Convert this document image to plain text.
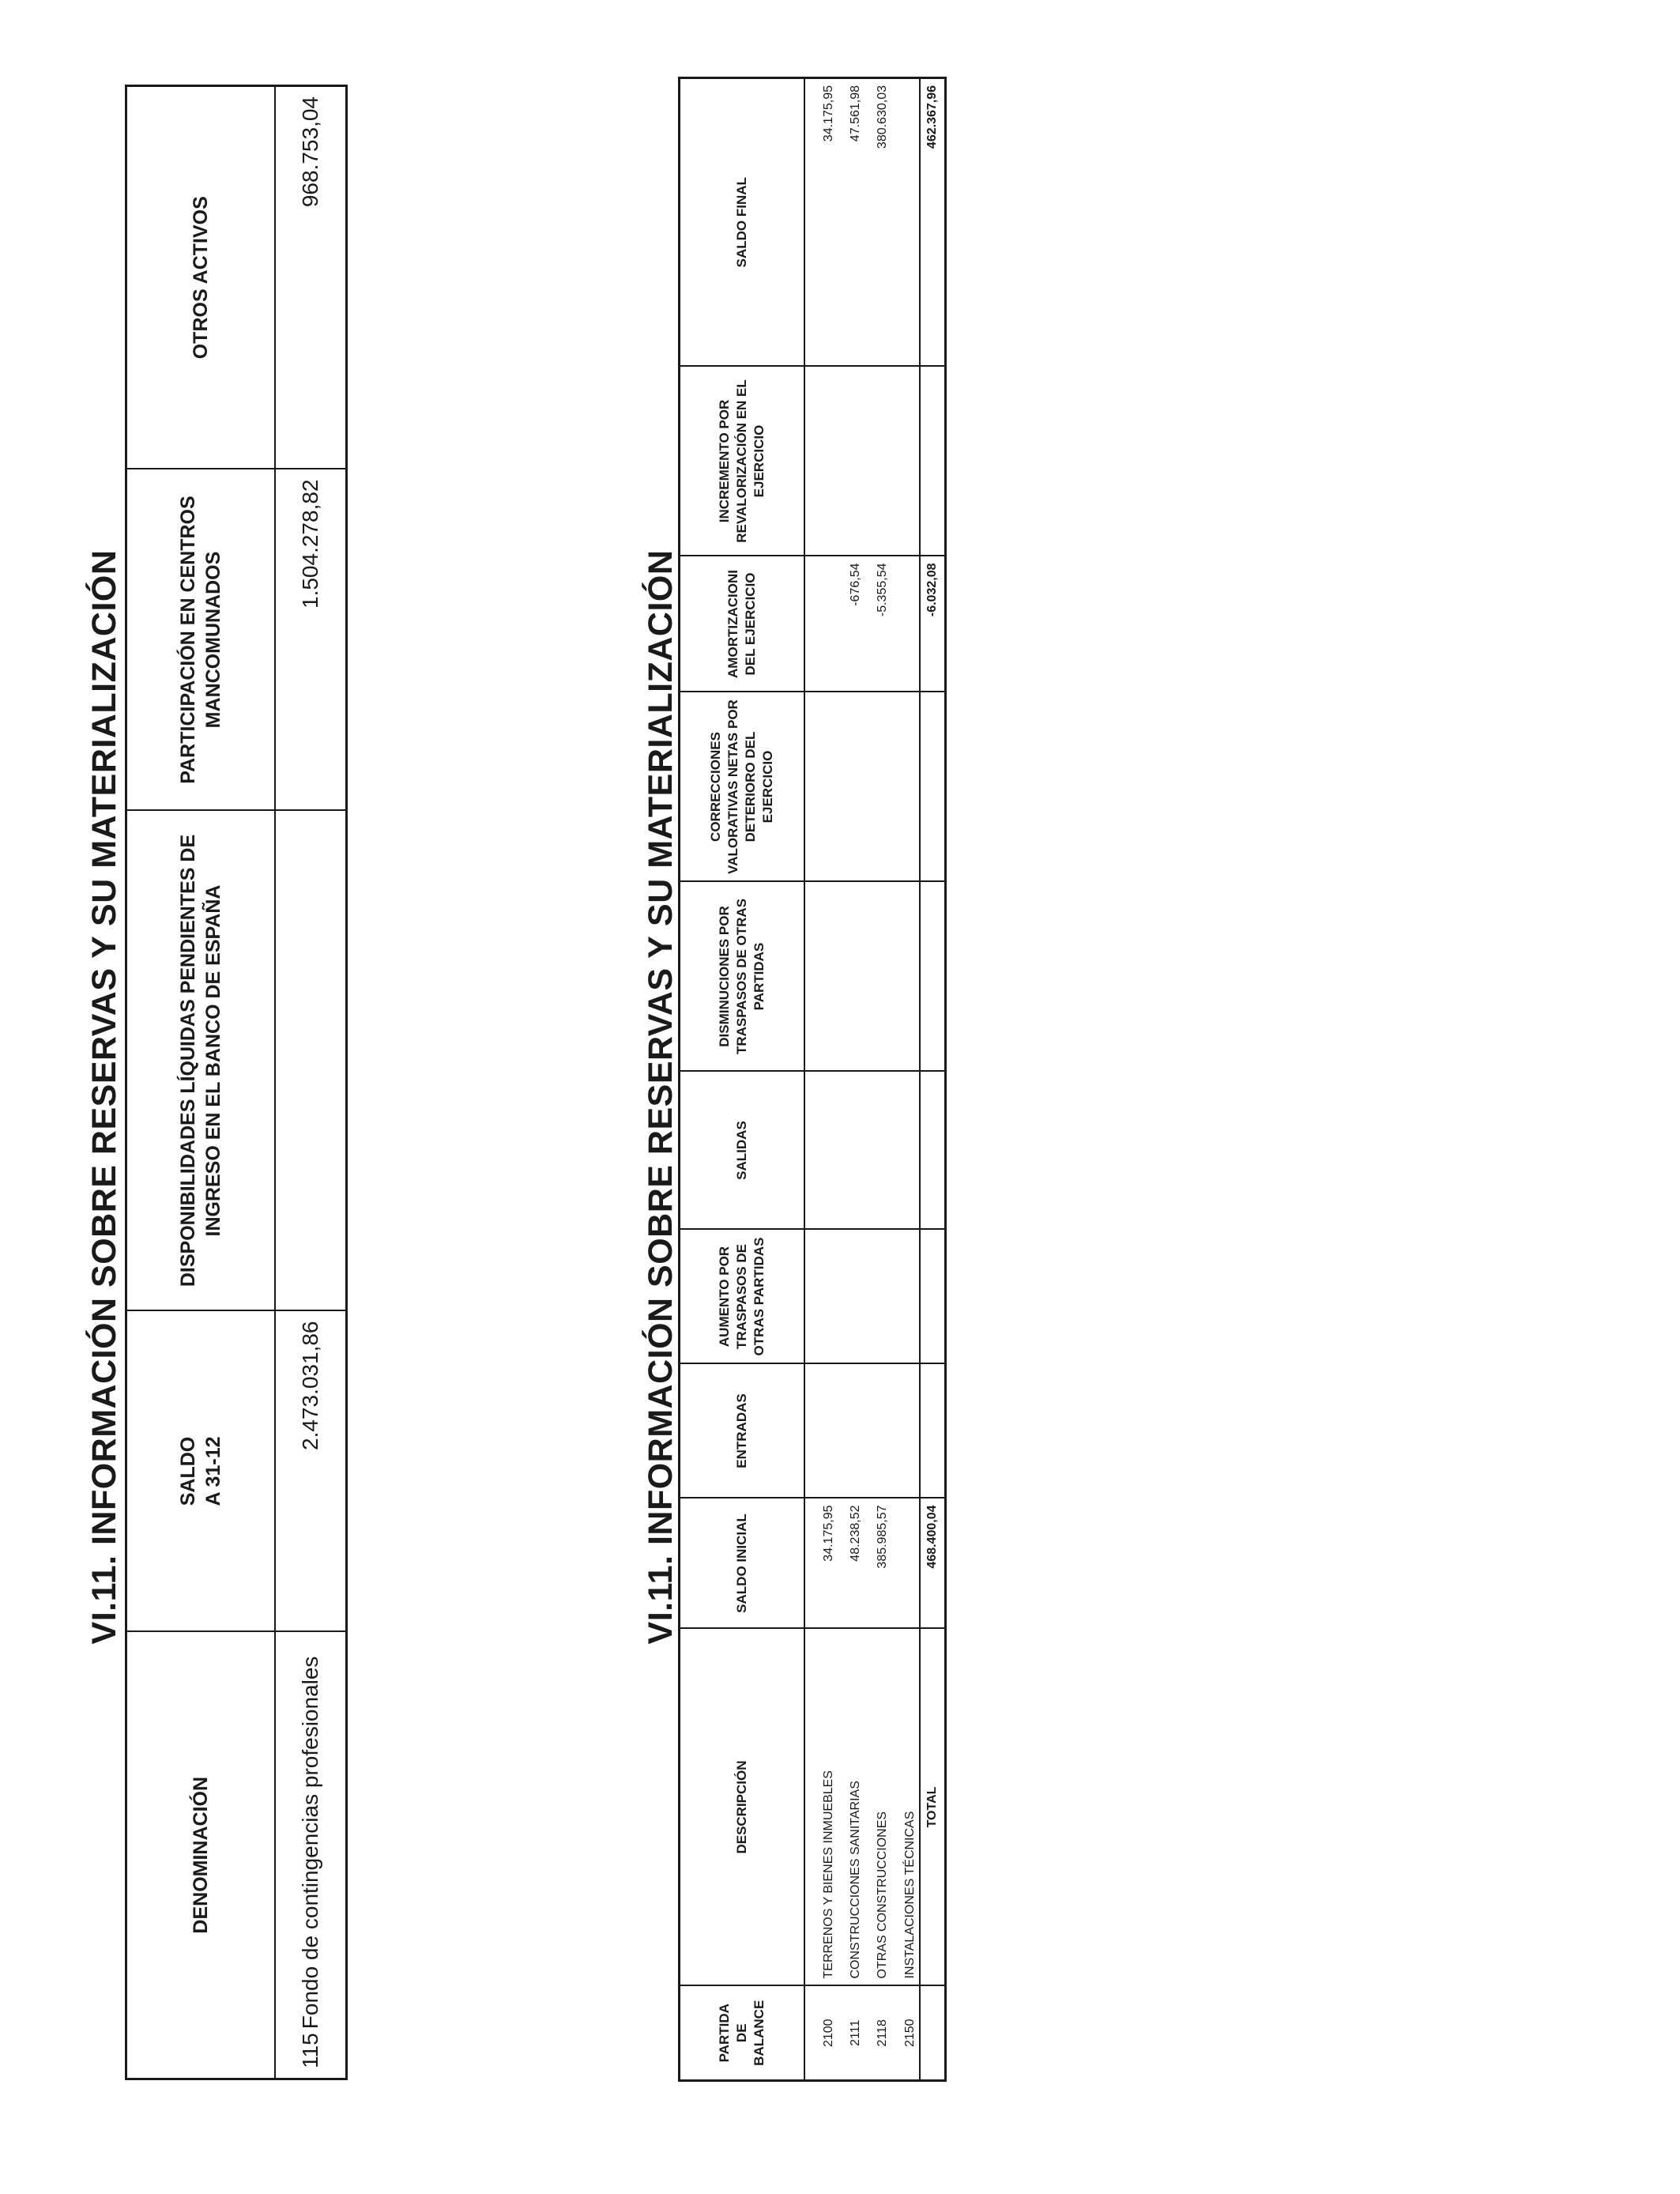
VI.11. INFORMACIÓN SOBRE RESERVAS Y SU MATERIALIZACIÓN
DENOMINACIÓN	SALDO A 31-12	DISPONIBILIDADES LÍQUIDAS PENDIENTES DE INGRESO EN EL BANCO DE ESPAÑA	PARTICIPACIÓN EN CENTROS MANCOMUNADOS	OTROS ACTIVOS
115 Fondo de contingencias profesionales	2.473.031,86		1.504.278,82	968.753,04
VI.11. INFORMACIÓN SOBRE RESERVAS Y SU MATERIALIZACIÓN
PARTIDA DE BALANCE	DESCRIPCIÓN	SALDO INICIAL	ENTRADAS	AUMENTO POR TRASPASOS DE OTRAS PARTIDAS	SALIDAS	DISMINUCIONES POR TRASPASOS DE OTRAS PARTIDAS	CORRECCIONES VALORATIVAS NETAS POR DETERIORO DEL EJERCICIO	AMORTIZACIONI DEL EJERCICIO	INCREMENTO POR REVALORIZACIÓN EN EL EJERCICIO	SALDO FINAL
2100	TERRENOS Y BIENES INMUEBLES	34.175,95								34.175,95
2111	CONSTRUCCIONES SANITARIAS	48.238,52						-676,54		47.561,98
2118	OTRAS CONSTRUCCIONES	385.985,57						-5.355,54		380.630,03
2150	INSTALACIONES TÉCNICAS									
	TOTAL	468.400,04						-6.032,08		462.367,96
